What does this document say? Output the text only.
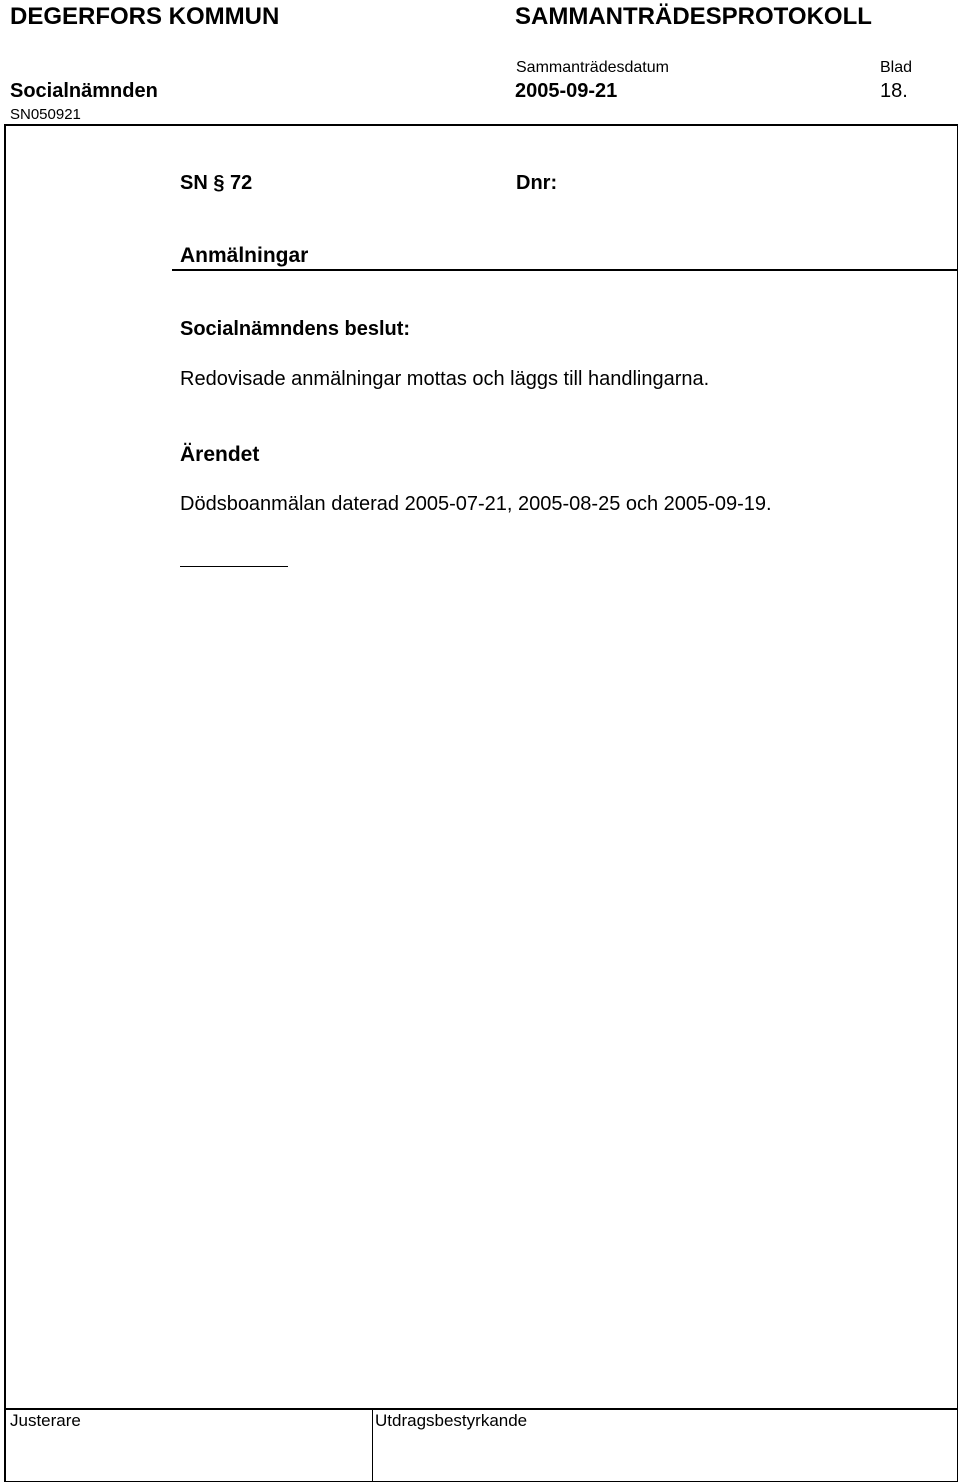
DEGERFORS KOMMUN	SAMMANTRÄDESPROTOKOLL
Sammanträdesdatum	Blad
Socialnämnden	2005-09-21	18.
SN050921
SN § 72	Dnr:
Anmälningar
Socialnämndens beslut:
Redovisade anmälningar mottas och läggs till handlingarna.
Ärendet
Dödsboanmälan daterad 2005-07-21, 2005-08-25 och 2005-09-19.
Justerare	Utdragsbestyrkande
